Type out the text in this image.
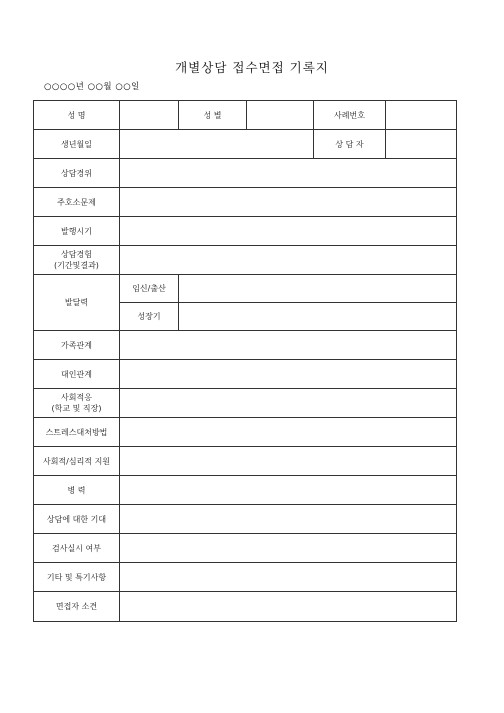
개별상담 접수면접 기록지
○○○○년 ○○월 ○○일
성 명		성 별		사례번호	
생년월일				상 담 자	
상담경위					
주호소문제					
발행시기					

상담경험
(기간및결과)					

발달력	임신/출산				
	성장기				
가족관계					
대인관계					

사회적응
(학교 및 직장)					

스트레스대처방법					
사회적/심리적 지원					
병 력					
상담에 대한 기대					
검사실시 여부					
기타 및 특기사항					
면접자 소견					
